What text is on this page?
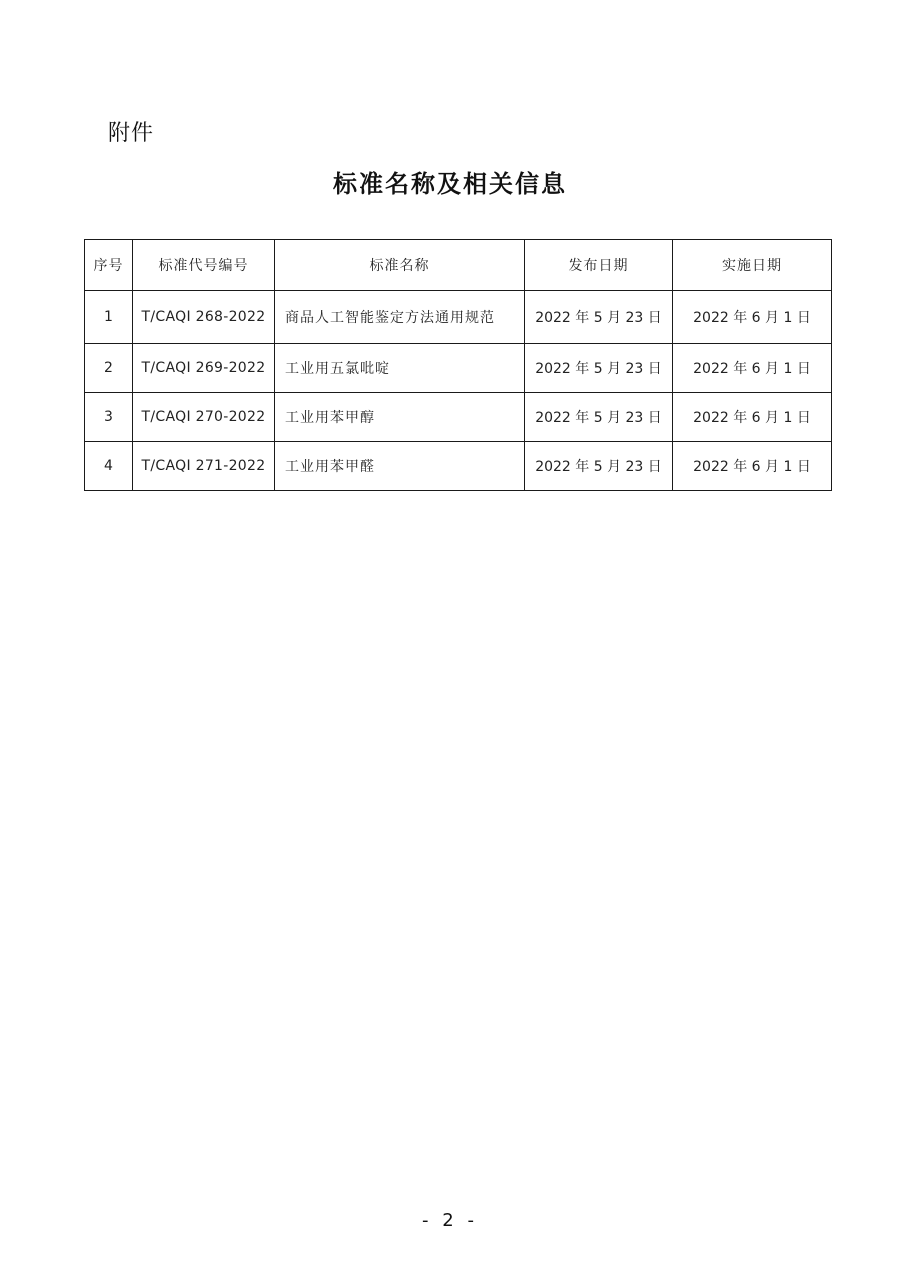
附件
标准名称及相关信息
序号	标准代号编号	标准名称	发布日期	实施日期
1	T/CAQI 268-2022	商品人工智能鉴定方法通用规范	2022 年 5 月 23 日	2022 年 6 月 1 日
2	T/CAQI 269-2022	工业用五氯吡啶	2022 年 5 月 23 日	2022 年 6 月 1 日
3	T/CAQI 270-2022	工业用苯甲醇	2022 年 5 月 23 日	2022 年 6 月 1 日
4	T/CAQI 271-2022	工业用苯甲醛	2022 年 5 月 23 日	2022 年 6 月 1 日
- 2 -
